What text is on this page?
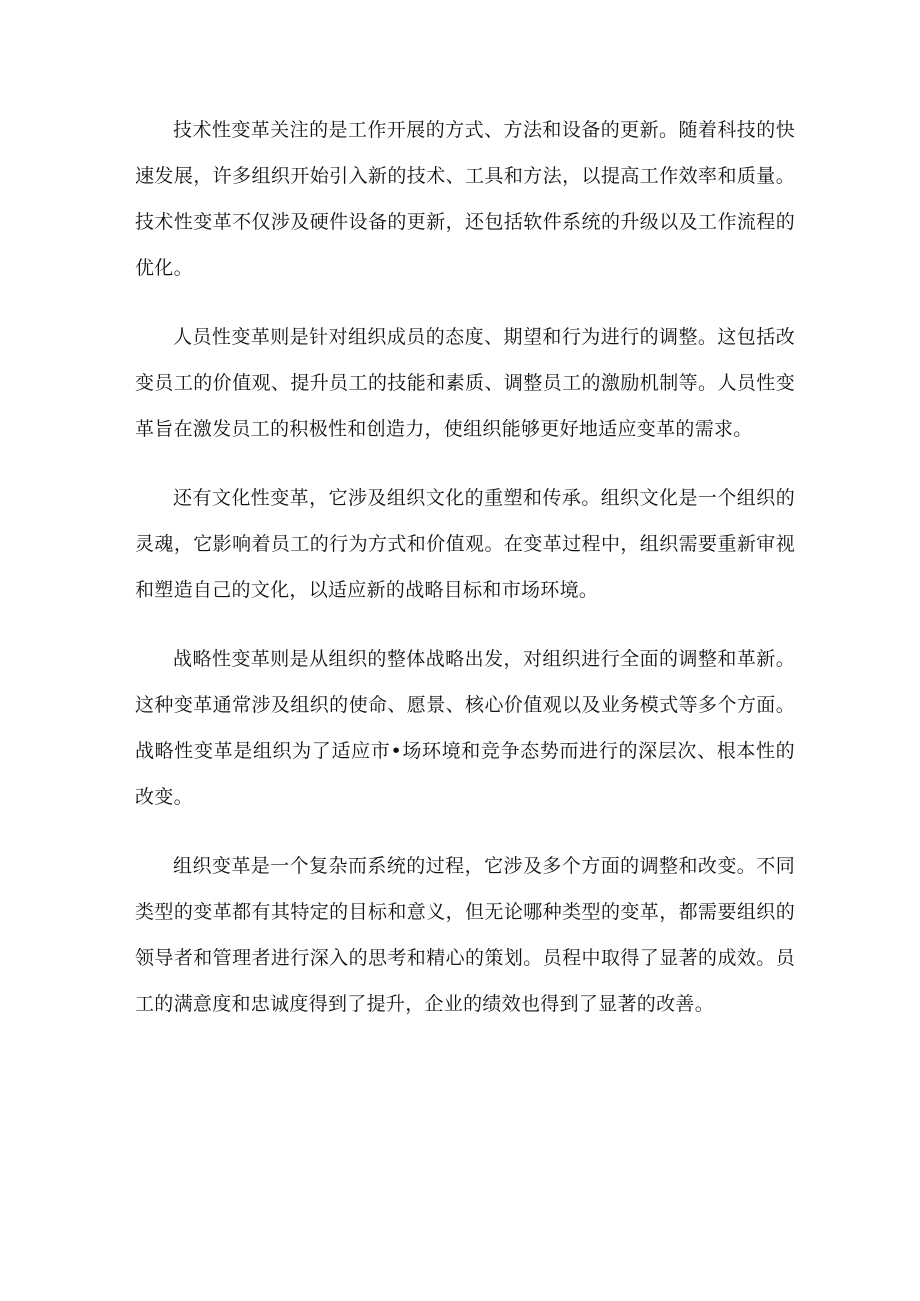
技术性变革关注的是工作开展的方式、方法和设备的更新。随着科技的快速发展，许多组织开始引入新的技术、工具和方法，以提高工作效率和质量。技术性变革不仅涉及硬件设备的更新，还包括软件系统的升级以及工作流程的优化。

人员性变革则是针对组织成员的态度、期望和行为进行的调整。这包括改变员工的价值观、提升员工的技能和素质、调整员工的激励机制等。人员性变革旨在激发员工的积极性和创造力，使组织能够更好地适应变革的需求。

还有文化性变革，它涉及组织文化的重塑和传承。组织文化是一个组织的灵魂，它影响着员工的行为方式和价值观。在变革过程中，组织需要重新审视和塑造自己的文化，以适应新的战略目标和市场环境。

战略性变革则是从组织的整体战略出发，对组织进行全面的调整和革新。这种变革通常涉及组织的使命、愿景、核心价值观以及业务模式等多个方面。战略性变革是组织为了适应市•场环境和竞争态势而进行的深层次、根本性的改变。

组织变革是一个复杂而系统的过程，它涉及多个方面的调整和改变。不同类型的变革都有其特定的目标和意义，但无论哪种类型的变革，都需要组织的领导者和管理者进行深入的思考和精心的策划。员程中取得了显著的成效。员工的满意度和忠诚度得到了提升，企业的绩效也得到了显著的改善。
